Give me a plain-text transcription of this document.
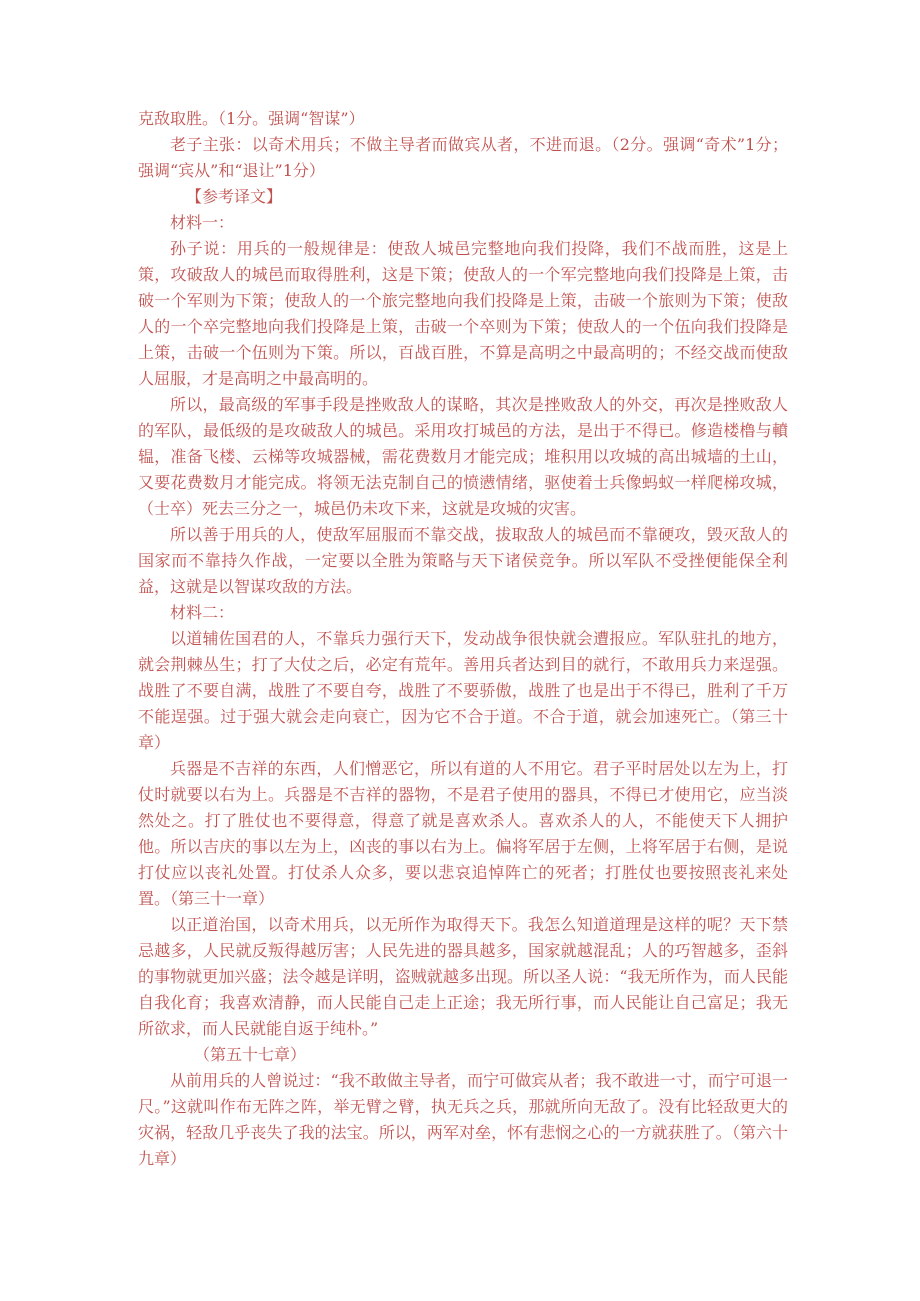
克敌取胜。（1分。强调“智谋”）

老子主张：以奇术用兵；不做主导者而做宾从者，不进而退。（2分。强调“奇术”1分；强调“宾从”和“退让”1分）

【参考译文】

材料一：

孙子说：用兵的一般规律是：使敌人城邑完整地向我们投降，我们不战而胜，这是上策，攻破敌人的城邑而取得胜利，这是下策；使敌人的一个军完整地向我们投降是上策，击破一个军则为下策；使敌人的一个旅完整地向我们投降是上策，击破一个旅则为下策；使敌人的一个卒完整地向我们投降是上策，击破一个卒则为下策；使敌人的一个伍向我们投降是上策，击破一个伍则为下策。所以，百战百胜，不算是高明之中最高明的；不经交战而使敌人屈服，才是高明之中最高明的。

所以，最高级的军事手段是挫败敌人的谋略，其次是挫败敌人的外交，再次是挫败敌人的军队，最低级的是攻破敌人的城邑。采用攻打城邑的方法，是出于不得已。修造楼橹与轒辒，准备飞楼、云梯等攻城器械，需花费数月才能完成；堆积用以攻城的高出城墙的土山，又要花费数月才能完成。将领无法克制自己的愤懑情绪，驱使着士兵像蚂蚁一样爬梯攻城，（士卒）死去三分之一，城邑仍未攻下来，这就是攻城的灾害。

所以善于用兵的人，使敌军屈服而不靠交战，拔取敌人的城邑而不靠硬攻，毁灭敌人的国家而不靠持久作战，一定要以全胜为策略与天下诸侯竞争。所以军队不受挫便能保全利益，这就是以智谋攻敌的方法。

材料二：

以道辅佐国君的人，不靠兵力强行天下，发动战争很快就会遭报应。军队驻扎的地方，就会荆棘丛生；打了大仗之后，必定有荒年。善用兵者达到目的就行，不敢用兵力来逞强。战胜了不要自满，战胜了不要自夸，战胜了不要骄傲，战胜了也是出于不得已，胜利了千万不能逞强。过于强大就会走向衰亡，因为它不合于道。不合于道，就会加速死亡。（第三十章）

兵器是不吉祥的东西，人们憎恶它，所以有道的人不用它。君子平时居处以左为上，打仗时就要以右为上。兵器是不吉祥的器物，不是君子使用的器具，不得已才使用它，应当淡然处之。打了胜仗也不要得意，得意了就是喜欢杀人。喜欢杀人的人，不能使天下人拥护他。所以吉庆的事以左为上，凶丧的事以右为上。偏将军居于左侧，上将军居于右侧，是说打仗应以丧礼处置。打仗杀人众多，要以悲哀追悼阵亡的死者；打胜仗也要按照丧礼来处置。（第三十一章）

以正道治国，以奇术用兵，以无所作为取得天下。我怎么知道道理是这样的呢？天下禁忌越多，人民就反叛得越厉害；人民先进的器具越多，国家就越混乱；人的巧智越多，歪斜的事物就更加兴盛；法令越是详明，盗贼就越多出现。所以圣人说：“我无所作为，而人民能自我化育；我喜欢清静，而人民能自己走上正途；我无所行事，而人民能让自己富足；我无所欲求，而人民就能自返于纯朴。”

（第五十七章）

从前用兵的人曾说过：“我不敢做主导者，而宁可做宾从者；我不敢进一寸，而宁可退一尺。”这就叫作布无阵之阵，举无臂之臂，执无兵之兵，那就所向无敌了。没有比轻敌更大的灾祸，轻敌几乎丧失了我的法宝。所以，两军对垒，怀有悲悯之心的一方就获胜了。（第六十九章）
